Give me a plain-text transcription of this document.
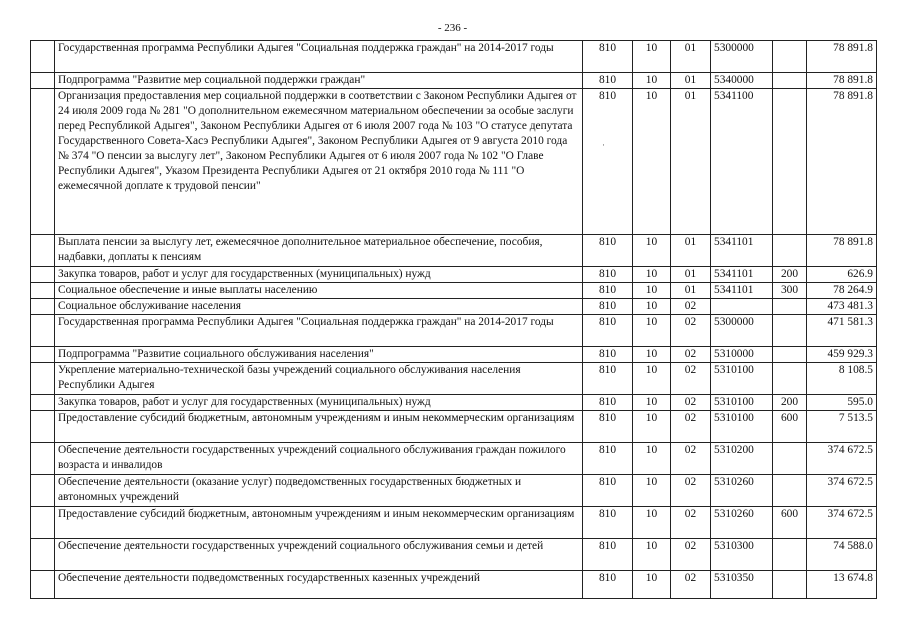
- 236 -
	Государственная программа Республики Адыгея "Социальная поддержка граждан" на 2014-2017 годы	810	10	01	5300000		78 891.8
	Подпрограмма "Развитие мер социальной поддержки граждан"	810	10	01	5340000		78 891.8
	Организация предоставления мер социальной поддержки в соответствии с Законом Республики Адыгея от 24 июля 2009 года № 281 "О дополнительном ежемесячном материальном обеспечении за особые заслуги перед Республикой Адыгея", Законом Республики Адыгея от 6 июля 2007 года № 103 "О статусе депутата Государственного Совета-Хасэ Республики Адыгея", Законом Республики Адыгея от 9 августа 2010 года № 374 "О пенсии за выслугу лет", Законом Республики Адыгея от 6 июля 2007 года № 102 "О Главе Республики Адыгея", Указом Президента Республики Адыгея от 21 октября 2010 года № 111 "О ежемесячной доплате к трудовой пенсии"	810	10	01	5341100		78 891.8
	Выплата пенсии за выслугу лет, ежемесячное дополнительное материальное обеспечение, пособия, надбавки, доплаты к пенсиям	810	10	01	5341101		78 891.8
	Закупка товаров, работ и услуг для государственных (муниципальных) нужд	810	10	01	5341101	200	626.9
	Социальное обеспечение и иные выплаты населению	810	10	01	5341101	300	78 264.9
	Социальное обслуживание населения	810	10	02			473 481.3
	Государственная программа Республики Адыгея "Социальная поддержка граждан" на 2014-2017 годы	810	10	02	5300000		471 581.3
	Подпрограмма "Развитие социального обслуживания населения"	810	10	02	5310000		459 929.3
	Укрепление материально-технической базы учреждений социального обслуживания населения Республики Адыгея	810	10	02	5310100		8 108.5
	Закупка товаров, работ и услуг для государственных (муниципальных) нужд	810	10	02	5310100	200	595.0
	Предоставление субсидий бюджетным, автономным учреждениям и иным некоммерческим организациям	810	10	02	5310100	600	7 513.5
	Обеспечение деятельности государственных учреждений социального обслуживания граждан пожилого возраста и инвалидов	810	10	02	5310200		374 672.5
	Обеспечение деятельности (оказание услуг) подведомственных государственных бюджетных и автономных учреждений	810	10	02	5310260		374 672.5
	Предоставление субсидий бюджетным, автономным учреждениям и иным некоммерческим организациям	810	10	02	5310260	600	374 672.5
	Обеспечение деятельности государственных учреждений социального обслуживания семьи и детей	810	10	02	5310300		74 588.0
	Обеспечение деятельности подведомственных государственных казенных учреждений	810	10	02	5310350		13 674.8
·
